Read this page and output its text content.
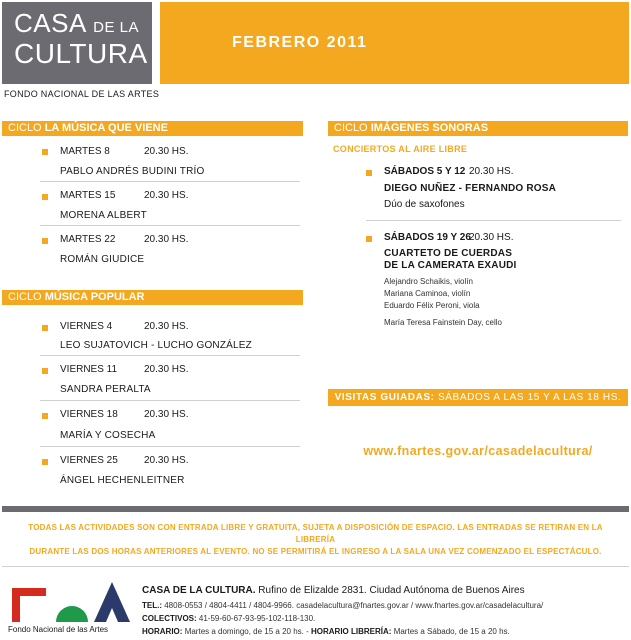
CASA DE LA
CULTURA
FONDO NACIONAL DE LAS ARTES
FEBRERO 2011
CICLO LA MÚSICA QUE VIENE
MARTES 8	20.30 HS.
PABLO ANDRÉS BUDINI TRÍO
MARTES 15	20.30 HS.
MORENA ALBERT
MARTES 22	20.30 HS.
ROMÁN GIUDICE
CICLO MÚSICA POPULAR
VIERNES 4	20.30 HS.
LEO SUJATOVICH - LUCHO GONZÁLEZ
VIERNES 11	20.30 HS.
SANDRA PERALTA
VIERNES 18	20.30 HS.
MARÍA Y COSECHA
VIERNES 25	20.30 HS.
ÁNGEL HECHENLEITNER
CICLO IMÁGENES SONORAS
CONCIERTOS AL AIRE LIBRE
SÁBADOS 5 Y 12 20.30 HS.
DIEGO NUÑEZ - FERNANDO ROSA
Dúo de saxofones
SÁBADOS 19 Y 26
20.30 HS.
CUARTETO DE CUERDAS
DE LA CAMERATA EXAUDI
Alejandro Schaikis, violín
Mariana Caminoa, violín
Eduardo Félix Peroni, viola
María Teresa Fainstein Day, cello
VISITAS GUIADAS: SÁBADOS A LAS 15 Y A LAS 18 HS.
www.fnartes.gov.ar/casadelacultura/
TODAS LAS ACTIVIDADES SON CON ENTRADA LIBRE Y GRATUITA, SUJETA A DISPOSICIÓN DE ESPACIO. LAS ENTRADAS SE RETIRAN EN LA LIBRERÍA
DURANTE LAS DOS HORAS ANTERIORES AL EVENTO. NO SE PERMITIRÁ EL INGRESO A LA SALA UNA VEZ COMENZADO EL ESPECTÁCULO.
Fondo Nacional de las Artes
CASA DE LA CULTURA. Rufino de Elizalde 2831. Ciudad Autónoma de Buenos Aires
TEL.: 4808-0553 / 4804-4411 / 4804-9966. casadelacultura@fnartes.gov.ar / www.fnartes.gov.ar/casadelacultura/
COLECTIVOS: 41-59-60-67-93-95-102-118-130.
HORARIO: Martes a domingo, de 15 a 20 hs. - HORARIO LIBRERÍA: Martes a Sábado, de 15 a 20 hs.
